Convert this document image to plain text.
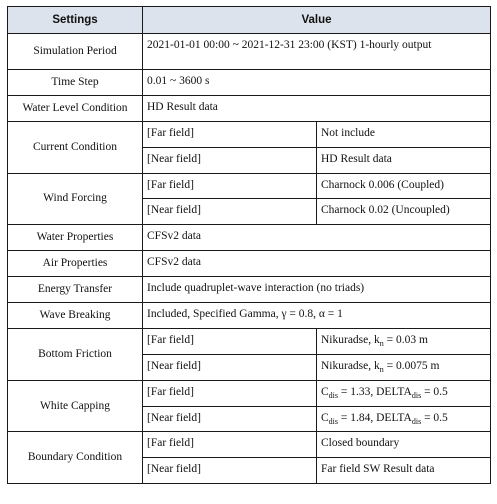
Settings	Value	
Simulation Period	2021-01-01 00:00 ~ 2021-12-31 23:00 (KST) 1-hourly output	
Time Step	0.01 ~ 3600 s	
Water Level Condition	HD Result data	
Current Condition	[Far field]	Not include
	[Near field]	HD Result data
Wind Forcing	[Far field]	Charnock 0.006 (Coupled)
	[Near field]	Charnock 0.02 (Uncoupled)
Water Properties	CFSv2 data	
Air Properties	CFSv2 data	
Energy Transfer	Include quadruplet-wave interaction (no triads)	
Wave Breaking	Included, Specified Gamma, γ = 0.8, α = 1	
Bottom Friction	[Far field]	Nikuradse, $k_n = 0.03$ m
	[Near field]	Nikuradse, $k_n = 0.0075$ m
White Capping	[Far field]	$C_{dis} = 1.33$, $DELTA_{dis} = 0.5$
	[Near field]	$C_{dis} = 1.84$, $DELTA_{dis} = 0.5$
Boundary Condition	[Far field]	Closed boundary
	[Near field]	Far field SW Result data
